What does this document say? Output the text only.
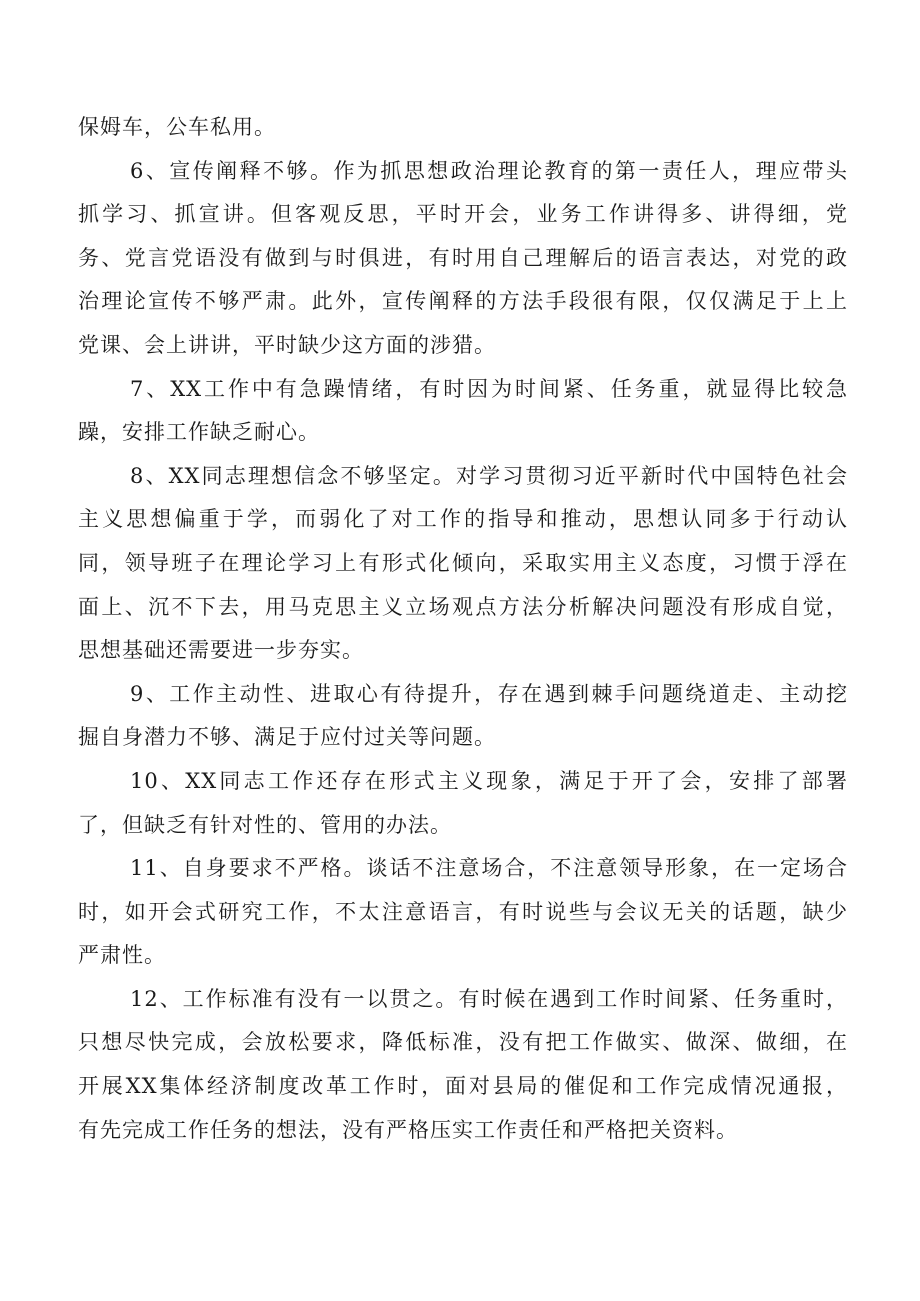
保姆车，公车私用。
6、宣传阐释不够。作为抓思想政治理论教育的第一责任人，理应带头
抓学习、抓宣讲。但客观反思，平时开会，业务工作讲得多、讲得细，党
务、党言党语没有做到与时俱进，有时用自己理解后的语言表达，对党的政
治理论宣传不够严肃。此外，宣传阐释的方法手段很有限，仅仅满足于上上
党课、会上讲讲，平时缺少这方面的涉猎。
7、XX工作中有急躁情绪，有时因为时间紧、任务重，就显得比较急
躁，安排工作缺乏耐心。
8、XX同志理想信念不够坚定。对学习贯彻习近平新时代中国特色社会
主义思想偏重于学，而弱化了对工作的指导和推动，思想认同多于行动认
同，领导班子在理论学习上有形式化倾向，采取实用主义态度，习惯于浮在
面上、沉不下去，用马克思主义立场观点方法分析解决问题没有形成自觉，
思想基础还需要进一步夯实。
9、工作主动性、进取心有待提升，存在遇到棘手问题绕道走、主动挖
掘自身潜力不够、满足于应付过关等问题。
10、XX同志工作还存在形式主义现象，满足于开了会，安排了部署
了，但缺乏有针对性的、管用的办法。
11、自身要求不严格。谈话不注意场合，不注意领导形象，在一定场合
时，如开会式研究工作，不太注意语言，有时说些与会议无关的话题，缺少
严肃性。
12、工作标准有没有一以贯之。有时候在遇到工作时间紧、任务重时，
只想尽快完成，会放松要求，降低标准，没有把工作做实、做深、做细，在
开展XX集体经济制度改革工作时，面对县局的催促和工作完成情况通报，
有先完成工作任务的想法，没有严格压实工作责任和严格把关资料。
